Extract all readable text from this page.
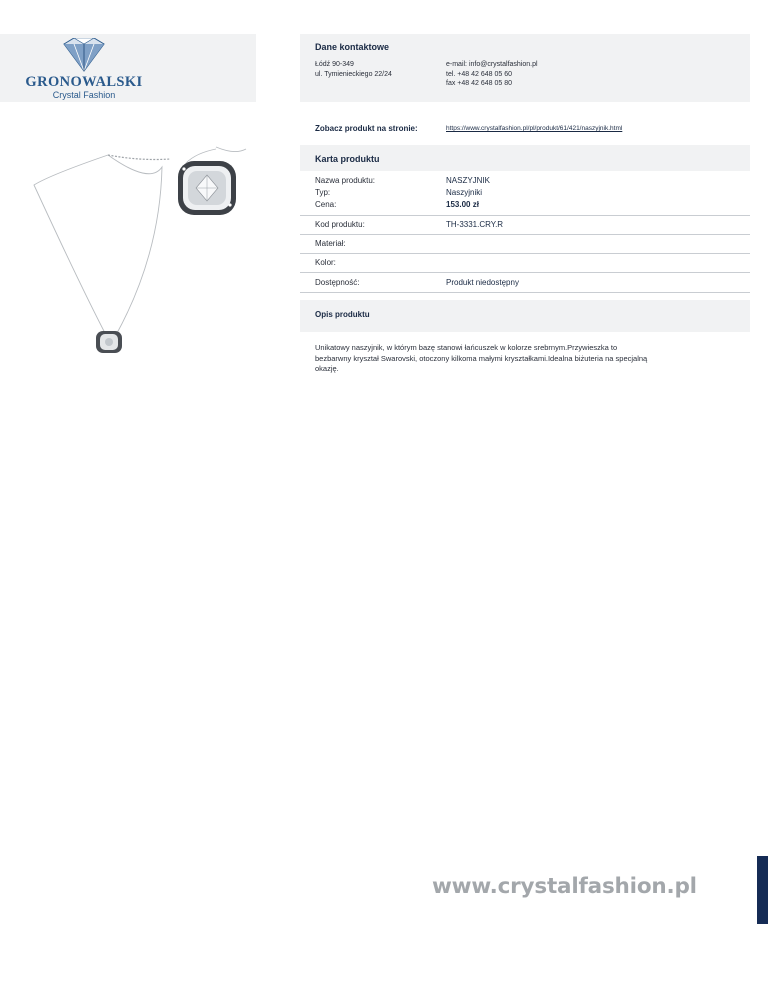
GRONOWALSKI
Crystal Fashion
Dane kontaktowe
Łódź 90-349
ul. Tymienieckiego 22/24
e-mail: info@crystalfashion.pl
tel. +48 42 648 05 60
fax +48 42 648 05 80
Zobacz produkt na stronie:	https://www.crystalfashion.pl/pl/produkt/61/421/naszyjnik.html
Karta produktu
Nazwa produktu:	NASZYJNIK
Typ:	Naszyjniki
Cena:	153.00 zł
Kod produktu:	TH-3331.CRY.R
Materiał:
Kolor:
Dostępność:	Produkt niedostępny
Opis produktu
Unikatowy naszyjnik, w którym bazę stanowi łańcuszek w kolorze srebrnym.Przywieszka to bezbarwny kryształ Swarovski, otoczony kilkoma małymi kryształkami.Idealna biżuteria na specjalną okazję.
www.crystalfashion.pl
